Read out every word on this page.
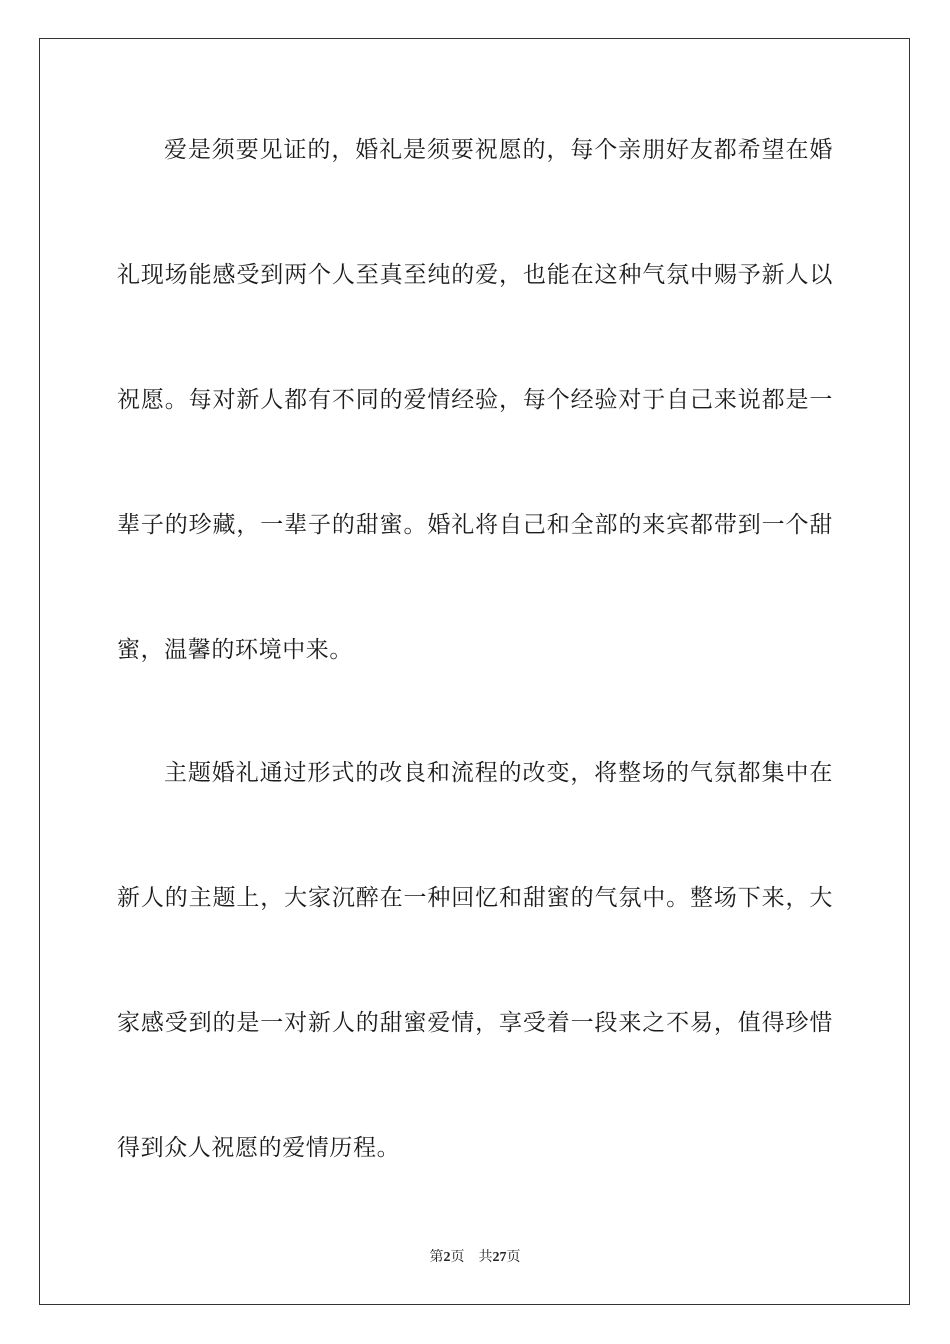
爱是须要见证的，婚礼是须要祝愿的，每个亲朋好友都希望在婚
礼现场能感受到两个人至真至纯的爱，也能在这种气氛中赐予新人以
祝愿。每对新人都有不同的爱情经验，每个经验对于自己来说都是一
辈子的珍藏，一辈子的甜蜜。婚礼将自己和全部的来宾都带到一个甜
蜜，温馨的环境中来。
主题婚礼通过形式的改良和流程的改变，将整场的气氛都集中在
新人的主题上，大家沉醉在一种回忆和甜蜜的气氛中。整场下来，大
家感受到的是一对新人的甜蜜爱情，享受着一段来之不易，值得珍惜
得到众人祝愿的爱情历程。
第2页 共27页
